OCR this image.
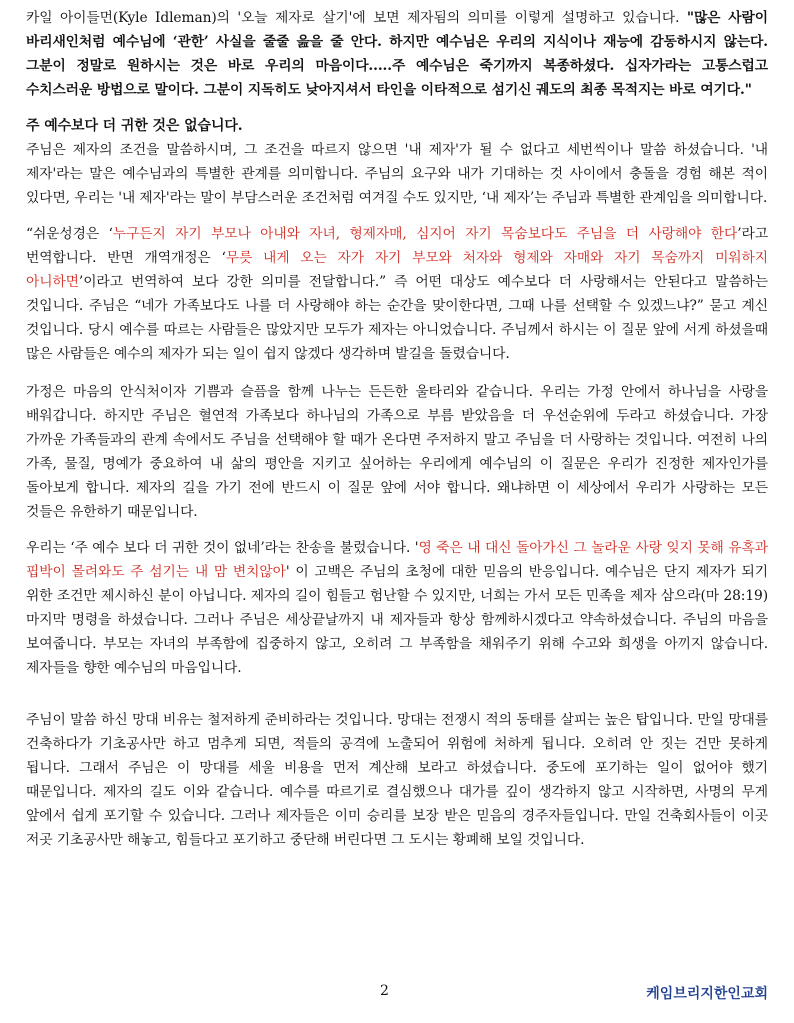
카일 아이들먼(Kyle Idleman)의 '오늘 제자로 살기'에 보면 제자됨의 의미를 이렇게 설명하고 있습니다. "많은 사람이 바리새인처럼 예수님에 ‘관한’ 사실을 줄줄 읊을 줄 안다. 하지만 예수님은 우리의 지식이나 재능에 감동하시지 않는다. 그분이 정말로 원하시는 것은 바로 우리의 마음이다.....주 예수님은 죽기까지 복종하셨다. 십자가라는 고통스럽고 수치스러운 방법으로 말이다. 그분이 지독히도 낮아지셔서 타인을 이타적으로 섬기신 궤도의 최종 목적지는 바로 여기다."

주 예수보다 더 귀한 것은 없습니다.

주님은 제자의 조건을 말씀하시며, 그 조건을 따르지 않으면 '내 제자'가 될 수 없다고 세번씩이나 말씀 하셨습니다. '내 제자'라는 말은 예수님과의 특별한 관계를 의미합니다. 주님의 요구와 내가 기대하는 것 사이에서 충돌을 경험 해본 적이 있다면, 우리는 '내 제자'라는 말이 부담스러운 조건처럼 여겨질 수도 있지만, ‘내 제자’는 주님과 특별한 관계임을 의미합니다.

“쉬운성경은 ‘누구든지 자기 부모나 아내와 자녀, 형제자매, 심지어 자기 목숨보다도 주님을 더 사랑해야 한다’라고 번역합니다. 반면 개역개정은 ‘무릇 내게 오는 자가 자기 부모와 처자와 형제와 자매와 자기 목숨까지 미워하지 아니하면’이라고 번역하여 보다 강한 의미를 전달합니다.” 즉 어떤 대상도 예수보다 더 사랑해서는 안된다고 말씀하는 것입니다. 주님은 “네가 가족보다도 나를 더 사랑해야 하는 순간을 맞이한다면, 그때 나를 선택할 수 있겠느냐?” 묻고 계신 것입니다. 당시 예수를 따르는 사람들은 많았지만 모두가 제자는 아니었습니다. 주님께서 하시는 이 질문 앞에 서게 하셨을때 많은 사람들은 예수의 제자가 되는 일이 쉽지 않겠다 생각하며 발길을 돌렸습니다.

가정은 마음의 안식처이자 기쁨과 슬픔을 함께 나누는 든든한 울타리와 같습니다. 우리는 가정 안에서 하나님을 사랑을 배워갑니다. 하지만 주님은 혈연적 가족보다 하나님의 가족으로 부름 받았음을 더 우선순위에 두라고 하셨습니다. 가장 가까운 가족들과의 관계 속에서도 주님을 선택해야 할 때가 온다면 주저하지 말고 주님을 더 사랑하는 것입니다. 여전히 나의 가족, 물질, 명예가 중요하여 내 삶의 평안을 지키고 싶어하는 우리에게 예수님의 이 질문은 우리가 진정한 제자인가를 돌아보게 합니다. 제자의 길을 가기 전에 반드시 이 질문 앞에 서야 합니다. 왜냐하면 이 세상에서 우리가 사랑하는 모든 것들은 유한하기 때문입니다.

우리는 ‘주 예수 보다 더 귀한 것이 없네’라는 찬송을 불렀습니다. '영 죽은 내 대신 돌아가신 그 놀라운 사랑 잊지 못해 유혹과 핍박이 몰려와도 주 섬기는 내 맘 변치않아' 이 고백은 주님의 초청에 대한 믿음의 반응입니다. 예수님은 단지 제자가 되기 위한 조건만 제시하신 분이 아닙니다. 제자의 길이 힘들고 험난할 수 있지만, 너희는 가서 모든 민족을 제자 삼으라(마 28:19) 마지막 명령을 하셨습니다. 그러나 주님은 세상끝날까지 내 제자들과 항상 함께하시겠다고 약속하셨습니다. 주님의 마음을 보여줍니다. 부모는 자녀의 부족함에 집중하지 않고, 오히려 그 부족함을 채워주기 위해 수고와 희생을 아끼지 않습니다. 제자들을 향한 예수님의 마음입니다.

주님이 말씀 하신 망대 비유는 철저하게 준비하라는 것입니다. 망대는 전쟁시 적의 동태를 살피는 높은 탑입니다. 만일 망대를 건축하다가 기초공사만 하고 멈추게 되면, 적들의 공격에 노출되어 위험에 처하게 됩니다. 오히려 안 짓는 건만 못하게 됩니다. 그래서 주님은 이 망대를 세울 비용을 먼저 계산해 보라고 하셨습니다. 중도에 포기하는 일이 없어야 했기 때문입니다. 제자의 길도 이와 같습니다. 예수를 따르기로 결심했으나 대가를 깊이 생각하지 않고 시작하면, 사명의 무게 앞에서 쉽게 포기할 수 있습니다. 그러나 제자들은 이미 승리를 보장 받은 믿음의 경주자들입니다. 만일 건축회사들이 이곳 저곳 기초공사만 해놓고, 힘들다고 포기하고 중단해 버린다면 그 도시는 황폐해 보일 것입니다.

2	케임브리지한인교회
